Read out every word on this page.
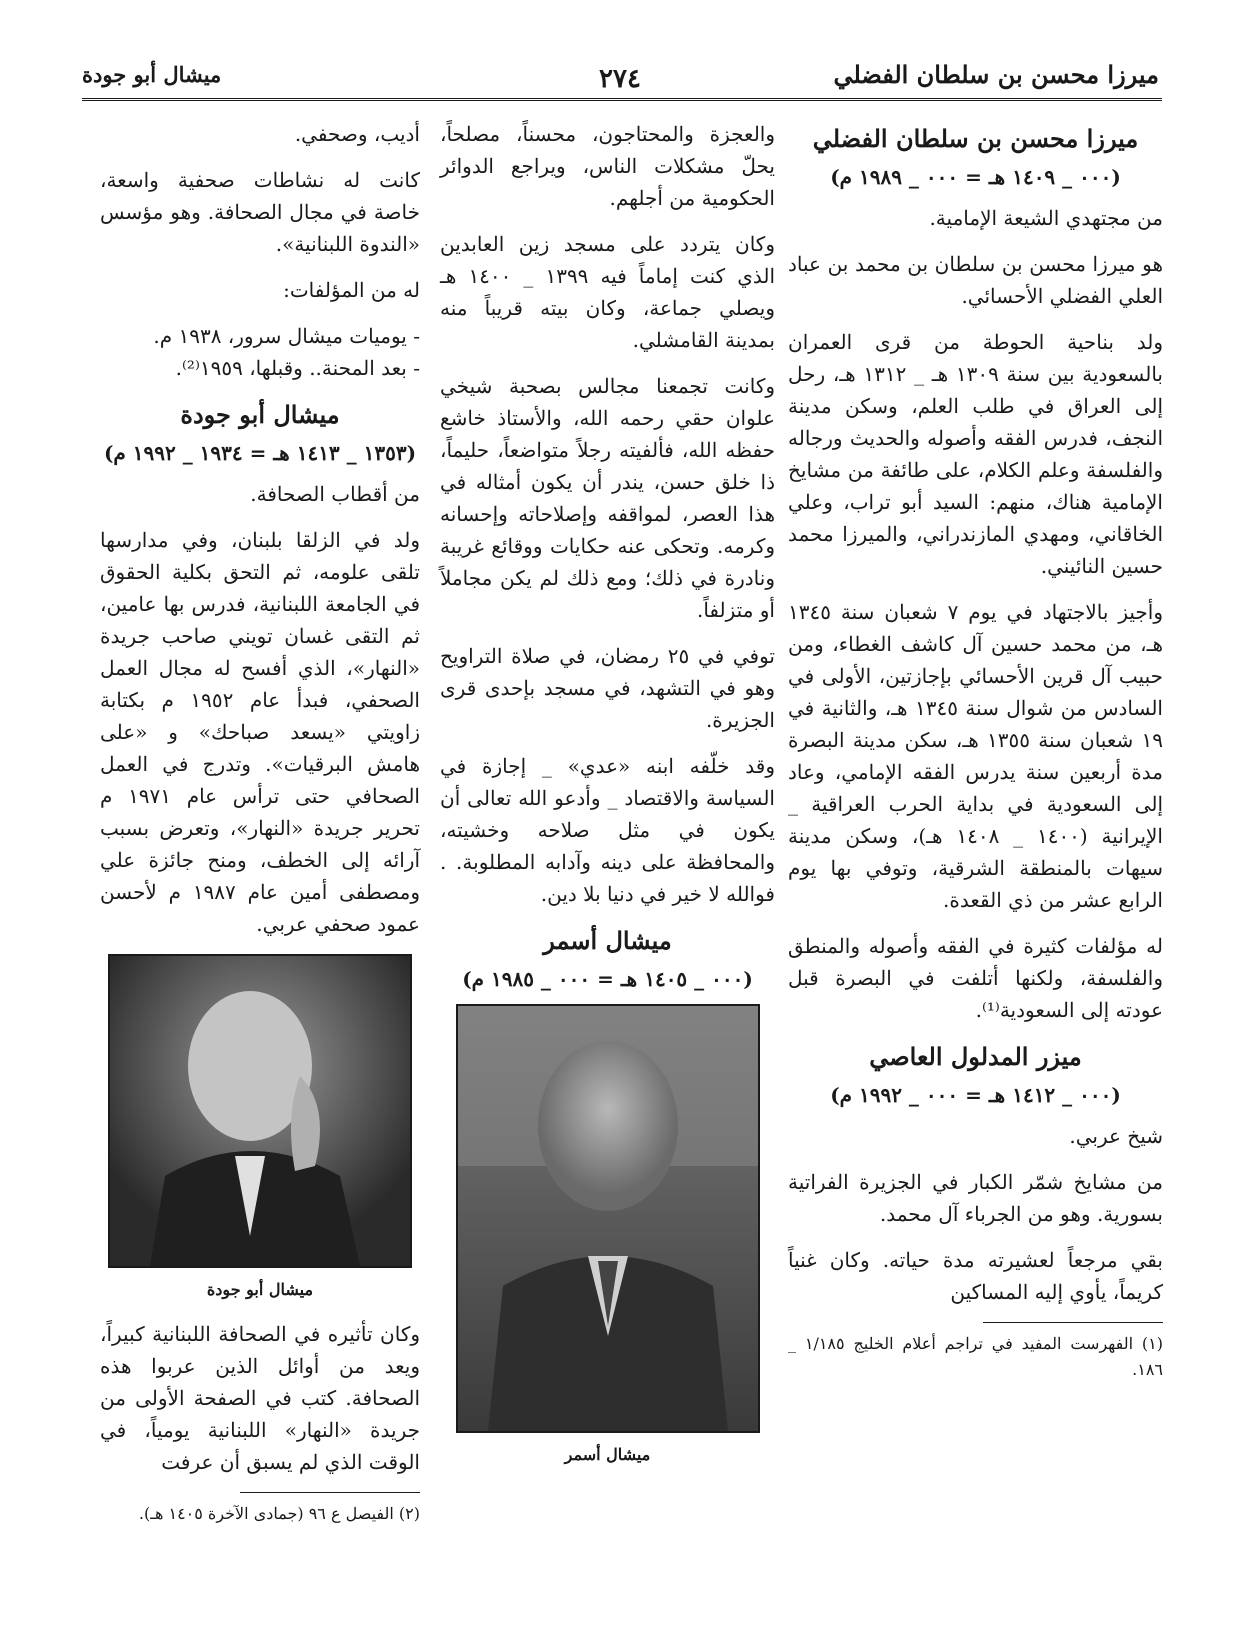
ميرزا محسن بن سلطان الفضلي
٢٧٤
ميشال أبو جودة
ميرزا محسن بن سلطان الفضلي
(٠٠٠ _ ١٤٠٩ هـ = ٠٠٠ _ ١٩٨٩ م)

من مجتهدي الشيعة الإمامية.

هو ميرزا محسن بن سلطان بن محمد بن عباد العلي الفضلي الأحسائي.

ولد بناحية الحوطة من قرى العمران بالسعودية بين سنة ١٣٠٩ هـ _ ١٣١٢ هـ، رحل إلى العراق في طلب العلم، وسكن مدينة النجف، فدرس الفقه وأصوله والحديث ورجاله والفلسفة وعلم الكلام، على طائفة من مشايخ الإمامية هناك، منهم: السيد أبو تراب، وعلي الخاقاني، ومهدي المازندراني، والميرزا محمد حسين النائيني.

وأجيز بالاجتهاد في يوم ٧ شعبان سنة ١٣٤٥ هـ، من محمد حسين آل كاشف الغطاء، ومن حبيب آل قرين الأحسائي بإجازتين، الأولى في السادس من شوال سنة ١٣٤٥ هـ، والثانية في ١٩ شعبان سنة ١٣٥٥ هـ، سكن مدينة البصرة مدة أربعين سنة يدرس الفقه الإمامي، وعاد إلى السعودية في بداية الحرب العراقية _ الإيرانية (١٤٠٠ _ ١٤٠٨ هـ)، وسكن مدينة سيهات بالمنطقة الشرقية، وتوفي بها يوم الرابع عشر من ذي القعدة.

له مؤلفات كثيرة في الفقه وأصوله والمنطق والفلسفة، ولكنها أتلفت في البصرة قبل عودته إلى السعودية⁽¹⁾.

ميزر المدلول العاصي
(٠٠٠ _ ١٤١٢ هـ = ٠٠٠ _ ١٩٩٢ م)

شيخ عربي.

من مشايخ شمّر الكبار في الجزيرة الفراتية بسورية. وهو من الجرباء آل محمد.

بقي مرجعاً لعشيرته مدة حياته. وكان غنياً كريماً، يأوي إليه المساكين

(١) الفهرست المفيد في تراجم أعلام الخليج ١/١٨٥ _ ١٨٦.

والعجزة والمحتاجون، محسناً، مصلحاً، يحلّ مشكلات الناس، ويراجع الدوائر الحكومية من أجلهم.

وكان يتردد على مسجد زين العابدين الذي كنت إماماً فيه ١٣٩٩ _ ١٤٠٠ هـ ويصلي جماعة، وكان بيته قريباً منه بمدينة القامشلي.

وكانت تجمعنا مجالس بصحبة شيخي علوان حقي رحمه الله، والأستاذ خاشع حفظه الله، فألفيته رجلاً متواضعاً، حليماً، ذا خلق حسن، يندر أن يكون أمثاله في هذا العصر، لمواقفه وإصلاحاته وإحسانه وكرمه. وتحكى عنه حكايات ووقائع غريبة ونادرة في ذلك؛ ومع ذلك لم يكن مجاملاً أو متزلفاً.

توفي في ٢٥ رمضان، في صلاة التراويح وهو في التشهد، في مسجد بإحدى قرى الجزيرة.

وقد خلّفه ابنه «عدي» _ إجازة في السياسة والاقتصاد _ وأدعو الله تعالى أن يكون في مثل صلاحه وخشيته، والمحافظة على دينه وآدابه المطلوبة. . فوالله لا خير في دنيا بلا دين.

ميشال أسمر
(٠٠٠ _ ١٤٠٥ هـ = ٠٠٠ _ ١٩٨٥ م)
ميشال أسمر

أديب، وصحفي.

كانت له نشاطات صحفية واسعة، خاصة في مجال الصحافة. وهو مؤسس «الندوة اللبنانية».

له من المؤلفات:

- يوميات ميشال سرور، ١٩٣٨ م.
- بعد المحنة.. وقبلها، ١٩٥٩⁽²⁾.
ميشال أبو جودة
(١٣٥٣ _ ١٤١٣ هـ = ١٩٣٤ _ ١٩٩٢ م)

من أقطاب الصحافة.

ولد في الزلقا بلبنان، وفي مدارسها تلقى علومه، ثم التحق بكلية الحقوق في الجامعة اللبنانية، فدرس بها عامين، ثم التقى غسان تويني صاحب جريدة «النهار»، الذي أفسح له مجال العمل الصحفي، فبدأ عام ١٩٥٢ م بكتابة زاويتي «يسعد صباحك» و «على هامش البرقيات». وتدرج في العمل الصحافي حتى ترأس عام ١٩٧١ م تحرير جريدة «النهار»، وتعرض بسبب آرائه إلى الخطف، ومنح جائزة علي ومصطفى أمين عام ١٩٨٧ م لأحسن عمود صحفي عربي.

ميشال أبو جودة

وكان تأثيره في الصحافة اللبنانية كبيراً، ويعد من أوائل الذين عربوا هذه الصحافة. كتب في الصفحة الأولى من جريدة «النهار» اللبنانية يومياً، في الوقت الذي لم يسبق أن عرفت

(٢) الفيصل ع ٩٦ (جمادى الآخرة ١٤٠٥ هـ).
